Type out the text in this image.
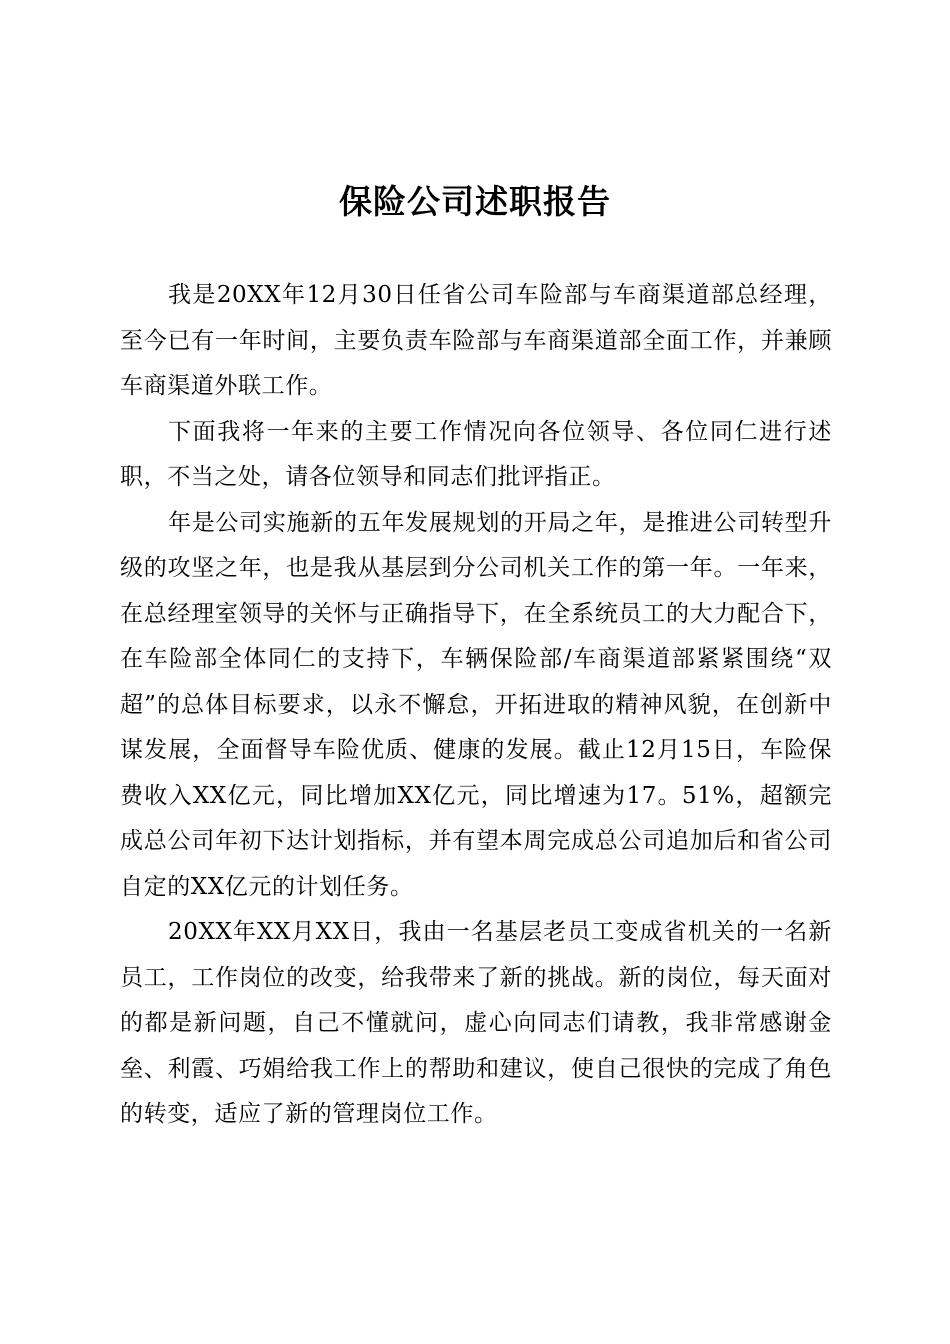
保险公司述职报告

我是20XX年12月30日任省公司车险部与车商渠道部总经理，至今已有一年时间，主要负责车险部与车商渠道部全面工作，并兼顾车商渠道外联工作。

下面我将一年来的主要工作情况向各位领导、各位同仁进行述职，不当之处，请各位领导和同志们批评指正。

年是公司实施新的五年发展规划的开局之年，是推进公司转型升级的攻坚之年，也是我从基层到分公司机关工作的第一年。一年来，在总经理室领导的关怀与正确指导下，在全系统员工的大力配合下，在车险部全体同仁的支持下，车辆保险部/车商渠道部紧紧围绕“双超”的总体目标要求，以永不懈怠，开拓进取的精神风貌，在创新中谋发展，全面督导车险优质、健康的发展。截止12月15日，车险保费收入XX亿元，同比增加XX亿元，同比增速为17。51%，超额完成总公司年初下达计划指标，并有望本周完成总公司追加后和省公司自定的XX亿元的计划任务。

20XX年XX月XX日，我由一名基层老员工变成省机关的一名新员工，工作岗位的改变，给我带来了新的挑战。新的岗位，每天面对的都是新问题，自己不懂就问，虚心向同志们请教，我非常感谢金垒、利霞、巧娟给我工作上的帮助和建议，使自己很快的完成了角色的转变，适应了新的管理岗位工作。
